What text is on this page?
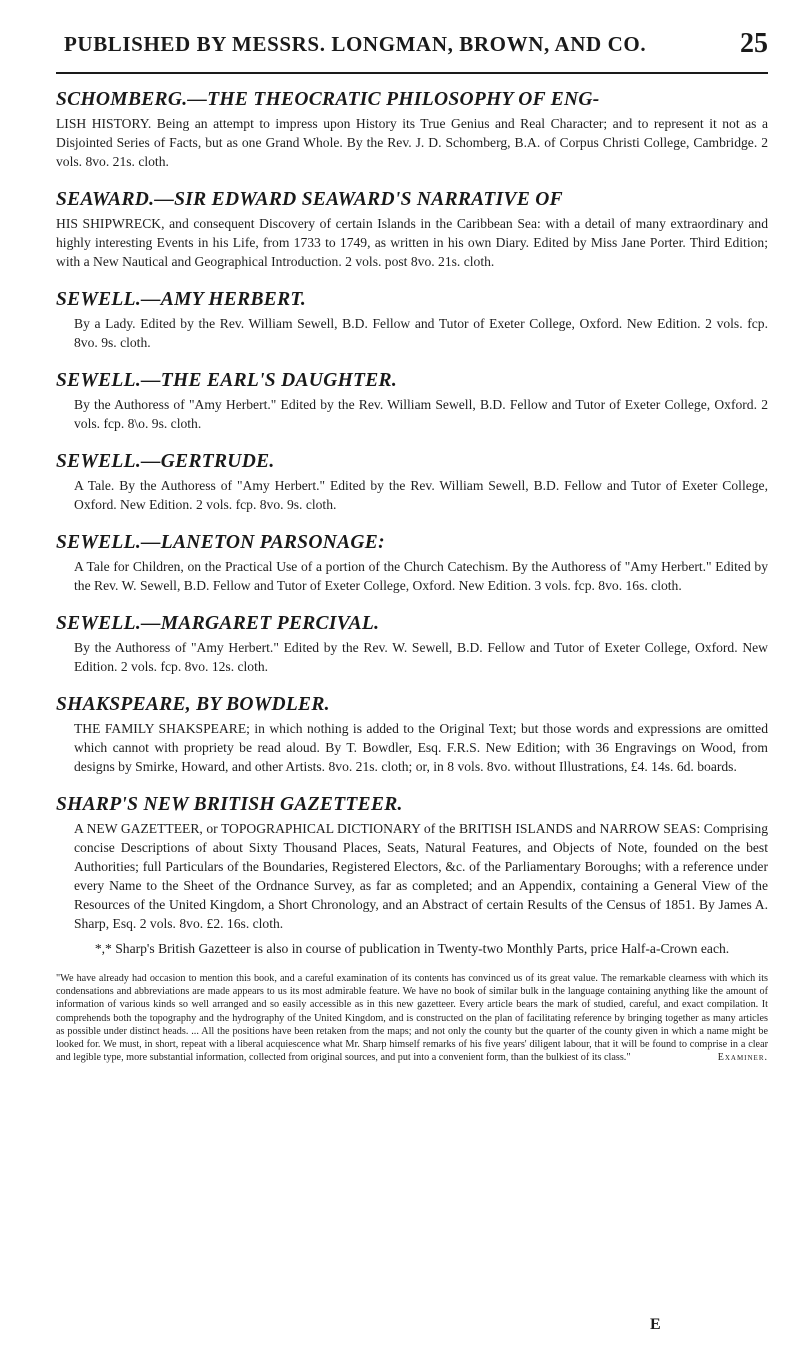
PUBLISHED BY MESSRS. LONGMAN, BROWN, AND CO.	25
SCHOMBERG.—THE THEOCRATIC PHILOSOPHY OF ENG-
LISH HISTORY. Being an attempt to impress upon History its True Genius and Real Character; and to represent it not as a Disjointed Series of Facts, but as one Grand Whole. By the Rev. J. D. Schomberg, B.A. of Corpus Christi College, Cambridge. 2 vols. 8vo. 21s. cloth.
SEAWARD.—SIR EDWARD SEAWARD'S NARRATIVE OF
HIS SHIPWRECK, and consequent Discovery of certain Islands in the Caribbean Sea: with a detail of many extraordinary and highly interesting Events in his Life, from 1733 to 1749, as written in his own Diary. Edited by Miss Jane Porter. Third Edition; with a New Nautical and Geographical Introduction. 2 vols. post 8vo. 21s. cloth.
SEWELL.—AMY HERBERT.
By a Lady. Edited by the Rev. William Sewell, B.D. Fellow and Tutor of Exeter College, Oxford. New Edition. 2 vols. fcp. 8vo. 9s. cloth.
SEWELL.—THE EARL'S DAUGHTER.
By the Authoress of "Amy Herbert." Edited by the Rev. William Sewell, B.D. Fellow and Tutor of Exeter College, Oxford. 2 vols. fcp. 8\o. 9s. cloth.
SEWELL.—GERTRUDE.
A Tale. By the Authoress of "Amy Herbert." Edited by the Rev. William Sewell, B.D. Fellow and Tutor of Exeter College, Oxford. New Edition. 2 vols. fcp. 8vo. 9s. cloth.
SEWELL.—LANETON PARSONAGE:
A Tale for Children, on the Practical Use of a portion of the Church Catechism. By the Authoress of "Amy Herbert." Edited by the Rev. W. Sewell, B.D. Fellow and Tutor of Exeter College, Oxford. New Edition. 3 vols. fcp. 8vo. 16s. cloth.
SEWELL.—MARGARET PERCIVAL.
By the Authoress of "Amy Herbert." Edited by the Rev. W. Sewell, B.D. Fellow and Tutor of Exeter College, Oxford. New Edition. 2 vols. fcp. 8vo. 12s. cloth.
SHAKSPEARE, BY BOWDLER.
THE FAMILY SHAKSPEARE; in which nothing is added to the Original Text; but those words and expressions are omitted which cannot with propriety be read aloud. By T. Bowdler, Esq. F.R.S. New Edition; with 36 Engravings on Wood, from designs by Smirke, Howard, and other Artists. 8vo. 21s. cloth; or, in 8 vols. 8vo. without Illustrations, £4. 14s. 6d. boards.
SHARP'S NEW BRITISH GAZETTEER.
A NEW GAZETTEER, or TOPOGRAPHICAL DICTIONARY of the BRITISH ISLANDS and NARROW SEAS: Comprising concise Descriptions of about Sixty Thousand Places, Seats, Natural Features, and Objects of Note, founded on the best Authorities; full Particulars of the Boundaries, Registered Electors, &c. of the Parliamentary Boroughs; with a reference under every Name to the Sheet of the Ordnance Survey, as far as completed; and an Appendix, containing a General View of the Resources of the United Kingdom, a Short Chronology, and an Abstract of certain Results of the Census of 1851. By James A. Sharp, Esq. 2 vols. 8vo. £2. 16s. cloth.
*,* Sharp's British Gazetteer is also in course of publication in Twenty-two Monthly Parts, price Half-a-Crown each.
"We have already had occasion to mention this book, and a careful examination of its contents has convinced us of its great value. The remarkable clearness with which its condensations and abbreviations are made appears to us its most admirable feature. We have no book of similar bulk in the language containing anything like the amount of information of various kinds so well arranged and so easily accessible as in this new gazetteer. Every article bears the mark of studied, careful, and exact compilation. It comprehends both the topography and the hydrography of the United Kingdom, and is constructed on the plan of facilitating reference by bringing together as many articles as possible under distinct heads. ... All the positions have been retaken from the maps; and not only the county but the quarter of the county given in which a name might be looked for. We must, in short, repeat with a liberal acquiescence what Mr. Sharp himself remarks of his five years' diligent labour, that it will be found to comprise in a clear and legible type, more substantial information, collected from original sources, and put into a convenient form, than the bulkiest of its class."	Examiner.
E
